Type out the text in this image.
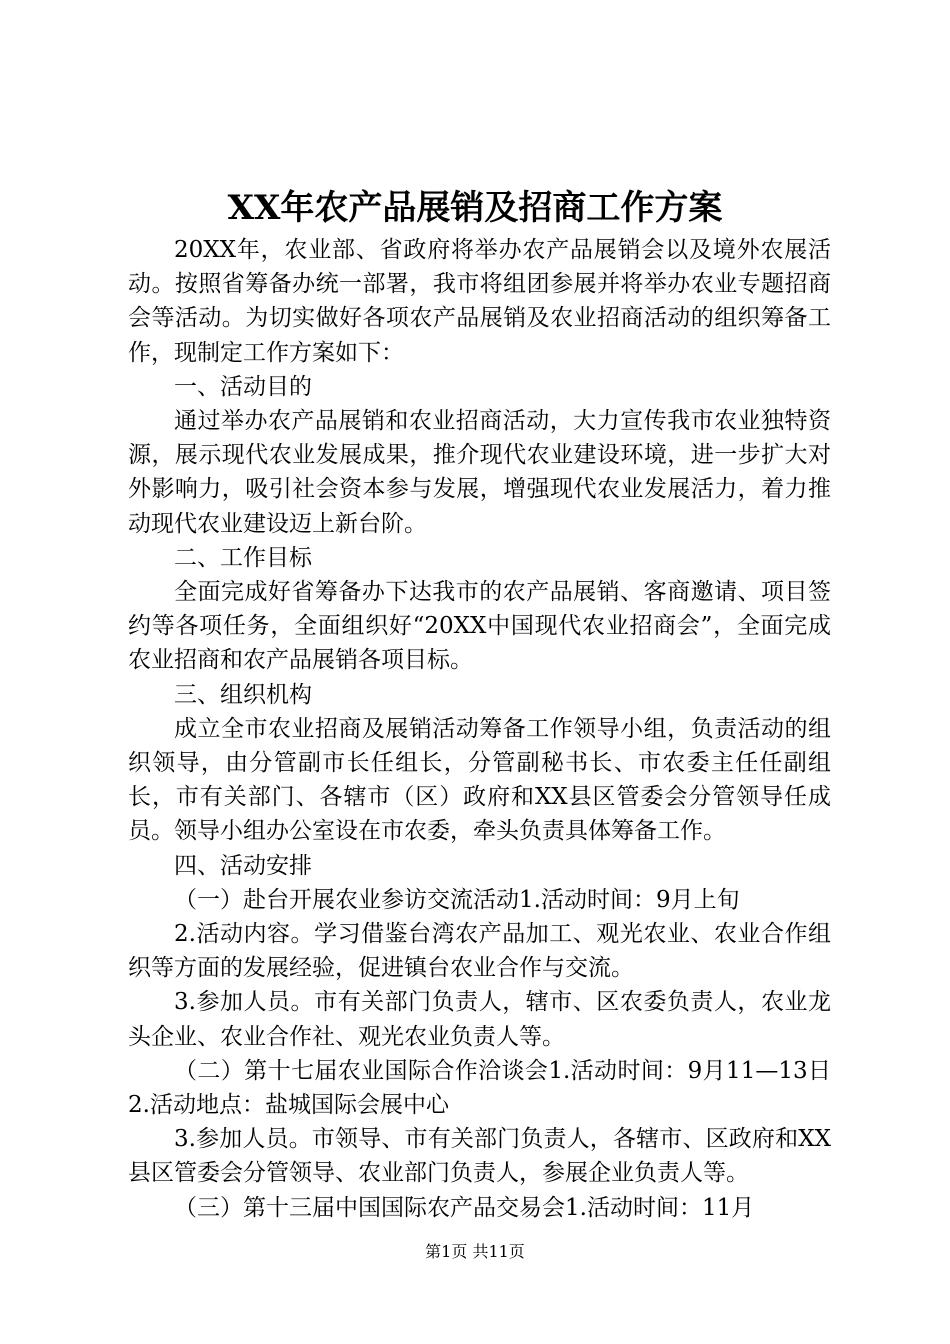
XX年农产品展销及招商工作方案

20XX年，农业部、省政府将举办农产品展销会以及境外农展活动。按照省筹备办统一部署，我市将组团参展并将举办农业专题招商会等活动。为切实做好各项农产品展销及农业招商活动的组织筹备工作，现制定工作方案如下：

一、活动目的

通过举办农产品展销和农业招商活动，大力宣传我市农业独特资源，展示现代农业发展成果，推介现代农业建设环境，进一步扩大对外影响力，吸引社会资本参与发展，增强现代农业发展活力，着力推动现代农业建设迈上新台阶。

二、工作目标

全面完成好省筹备办下达我市的农产品展销、客商邀请、项目签约等各项任务，全面组织好“20XX中国现代农业招商会”，全面完成农业招商和农产品展销各项目标。

三、组织机构

成立全市农业招商及展销活动筹备工作领导小组，负责活动的组织领导，由分管副市长任组长，分管副秘书长、市农委主任任副组长，市有关部门、各辖市（区）政府和XX县区管委会分管领导任成员。领导小组办公室设在市农委，牵头负责具体筹备工作。

四、活动安排

（一）赴台开展农业参访交流活动1.活动时间：9月上旬

2.活动内容。学习借鉴台湾农产品加工、观光农业、农业合作组织等方面的发展经验，促进镇台农业合作与交流。

3.参加人员。市有关部门负责人，辖市、区农委负责人，农业龙头企业、农业合作社、观光农业负责人等。

（二）第十七届农业国际合作洽谈会1.活动时间：9月11—13日2.活动地点：盐城国际会展中心

3.参加人员。市领导、市有关部门负责人，各辖市、区政府和XX县区管委会分管领导、农业部门负责人，参展企业负责人等。

（三）第十三届中国国际农产品交易会1.活动时间：11月

第1页 共11页
